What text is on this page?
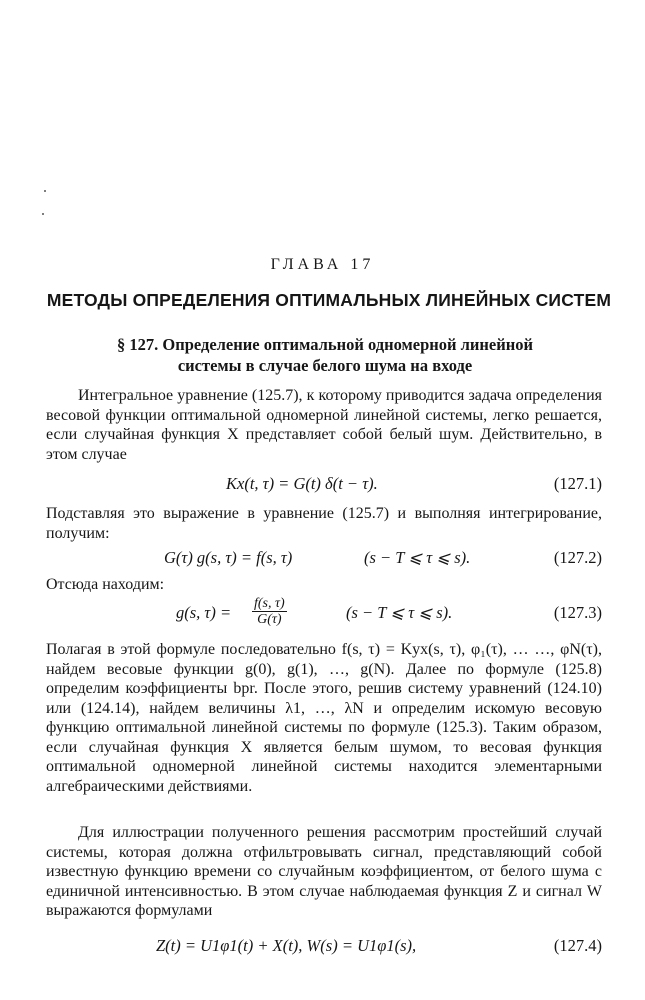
ГЛАВА 17
МЕТОДЫ ОПРЕДЕЛЕНИЯ ОПТИМАЛЬНЫХ ЛИНЕЙНЫХ СИСТЕМ
§ 127. Определение оптимальной одномерной линейной
системы в случае белого шума на входе
Интегральное уравнение (125.7), к которому приводится задача определения весовой функции оптимальной одномерной линейной системы, легко решается, если случайная функция X представляет собой белый шум. Действительно, в этом случае
Kx(t, τ) = G(t) δ(t − τ).	(127.1)
Подставляя это выражение в уравнение (125.7) и выполняя интегрирование, получим:
G(τ) g(s, τ) = f(s, τ)	(s − T ⩽ τ ⩽ s).	(127.2)
Отсюда находим:
g(s, $\tau) = \frac{f(s, \tau)}{G(\tau)}$	(s − T ⩽ τ ⩽ s).	(127.3)
Полагая в этой формуле последовательно f(s, τ) = Kyx(s, τ), φ₁(τ), … …, φN(τ), найдем весовые функции g(0), g(1), …, g(N). Далее по формуле (125.8) определим коэффициенты bpr. После этого, решив систему уравнений (124.10) или (124.14), найдем величины λ1, …, λN и определим искомую весовую функцию оптимальной линейной системы по формуле (125.3). Таким образом, если случайная функция X является белым шумом, то весовая функция оптимальной одномерной линейной системы находится элементарными алгебраическими действиями.
Для иллюстрации полученного решения рассмотрим простейший случай системы, которая должна отфильтровывать сигнал, представляющий собой известную функцию времени со случайным коэффициентом, от белого шума с единичной интенсивностью. В этом случае наблюдаемая функция Z и сигнал W выражаются формулами
Z(t) = U1φ1(t) + X(t), W(s) = U1φ1(s),	(127.4)
